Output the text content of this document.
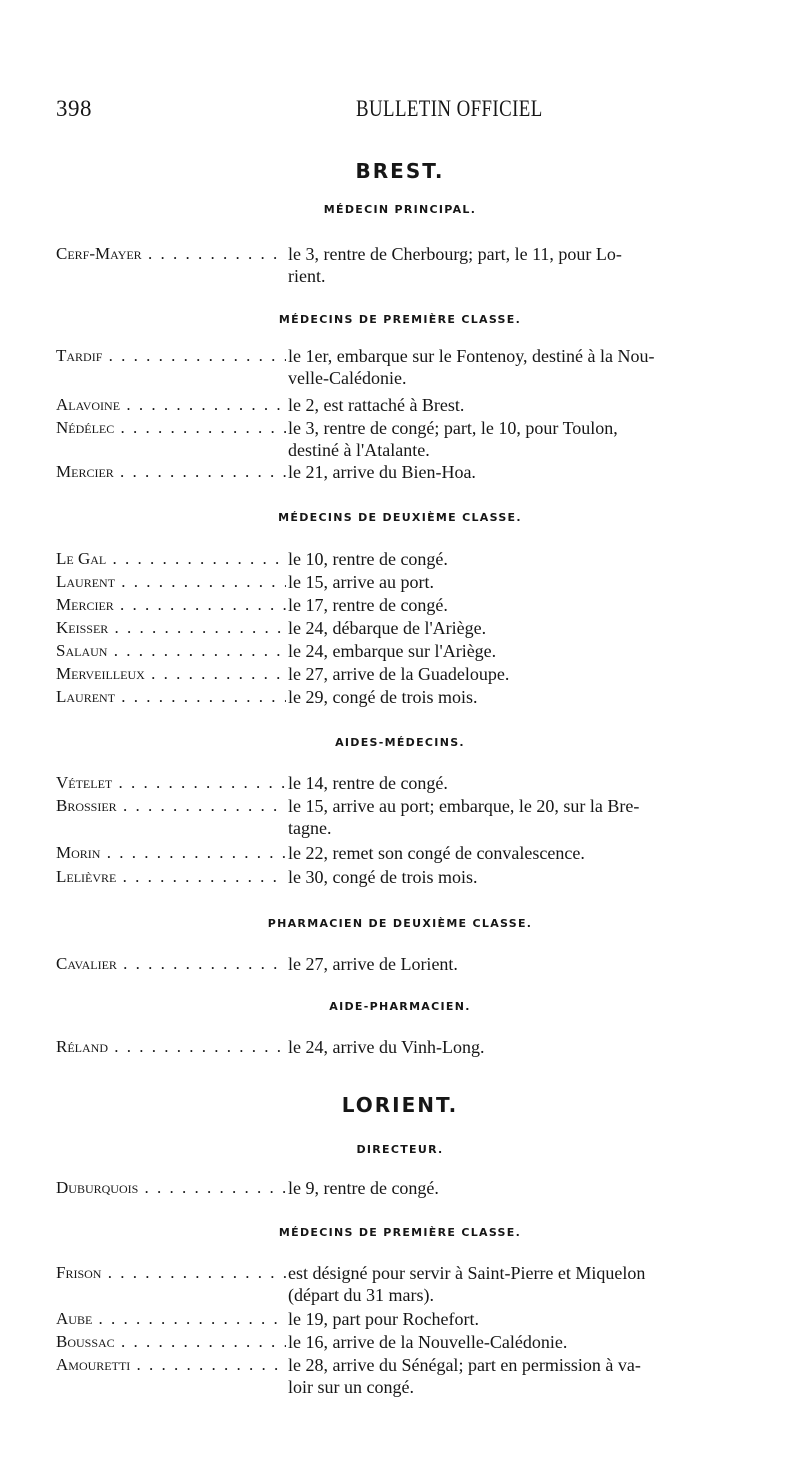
398	BULLETIN OFFICIEL
BREST.
MÉDECIN PRINCIPAL.
Cerf-Mayer . . .	le 3, rentre de Cherbourg; part, le 11, pour Lo-
rient.
MÉDECINS DE PREMIÈRE CLASSE.
Tardif . . .	le 1er, embarque sur le Fontenoy, destiné à la Nou-
velle-Calédonie.
Alavoine . . .	le 2, est rattaché à Brest.
Nédélec . . .	le 3, rentre de congé; part, le 10, pour Toulon,
destiné à l'Atalante.
Mercier . . .	le 21, arrive du Bien-Hoa.
MÉDECINS DE DEUXIÈME CLASSE.
Le Gal . . .	le 10, rentre de congé.
Laurent . . .	le 15, arrive au port.
Mercier . . .	le 17, rentre de congé.
Keisser . . .	le 24, débarque de l'Ariège.
Salaun . . .	le 24, embarque sur l'Ariège.
Merveilleux . . .	le 27, arrive de la Guadeloupe.
Laurent . . .	le 29, congé de trois mois.
AIDES-MÉDECINS.
Vételet . . .	le 14, rentre de congé.
Brossier . . .	le 15, arrive au port; embarque, le 20, sur la Bre-
tagne.
Morin . . .	le 22, remet son congé de convalescence.
Lelièvre . . .	le 30, congé de trois mois.
PHARMACIEN DE DEUXIÈME CLASSE.
Cavalier . . .	le 27, arrive de Lorient.
AIDE-PHARMACIEN.
Réland . . .	le 24, arrive du Vinh-Long.
LORIENT.
DIRECTEUR.
Duburquois . . .	le 9, rentre de congé.
MÉDECINS DE PREMIÈRE CLASSE.
Frison . . .	est désigné pour servir à Saint-Pierre et Miquelon
(départ du 31 mars).
Aube . . .	le 19, part pour Rochefort.
Boussac . . .	le 16, arrive de la Nouvelle-Calédonie.
Amouretti . . .	le 28, arrive du Sénégal; part en permission à va-
loir sur un congé.
